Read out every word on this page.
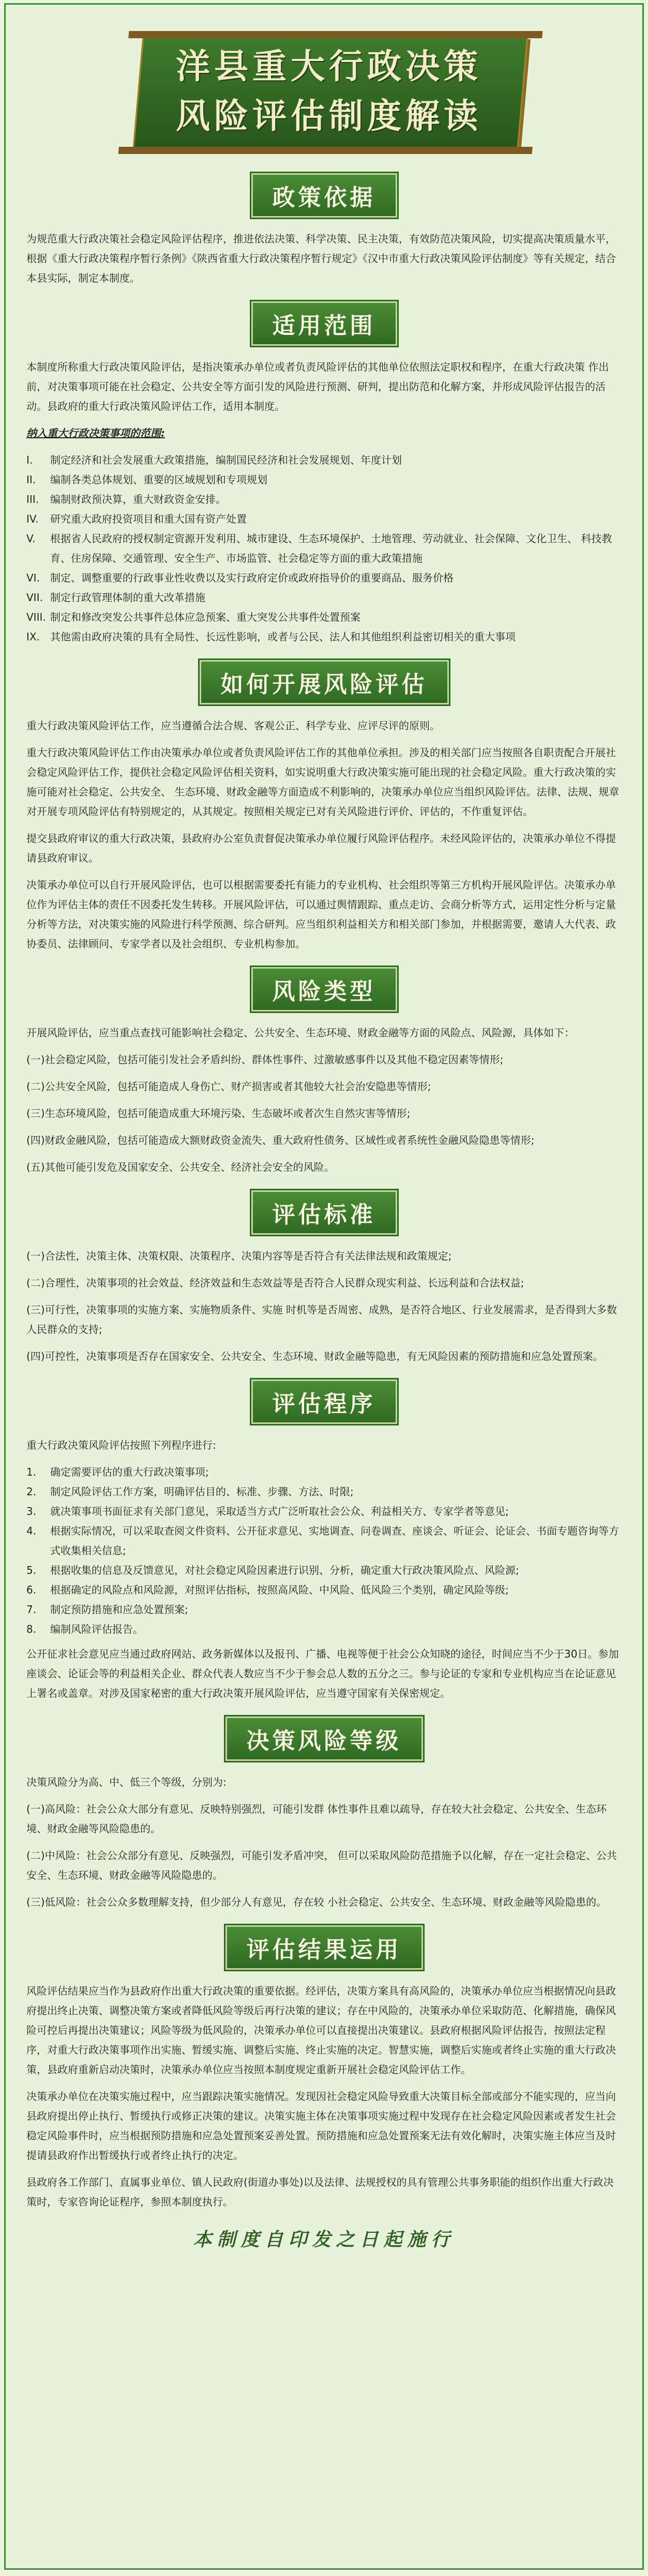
洋县重大行政决策
风险评估制度解读
政策依据

为规范重大行政决策社会稳定风险评估程序，推进依法决策、科学决策、民主决策，有效防范决策风险，切实提高决策质量水平，根据《重大行政决策程序暂行条例》《陕西省重大行政决策程序暂行规定》《汉中市重大行政决策风险评估制度》等有关规定，结合本县实际，制定本制度。

适用范围

本制度所称重大行政决策风险评估，是指决策承办单位或者负责风险评估的其他单位依照法定职权和程序，在重大行政决策 作出前，对决策事项可能在社会稳定、公共安全等方面引发的风险进行预测、研判，提出防范和化解方案，并形成风险评估报告的活动。县政府的重大行政决策风险评估工作，适用本制度。

纳入重大行政决策事项的范围:

I.	制定经济和社会发展重大政策措施，编制国民经济和社会发展规划、年度计划
II.	编制各类总体规划、重要的区域规划和专项规划
III.	编制财政预决算，重大财政资金安排。
IV.	研究重大政府投资项目和重大国有资产处置
V.	根据省人民政府的授权制定资源开发利用、城市建设、生态环境保护、土地管理、劳动就业、社会保障、文化卫生、 科技教育、住房保障、交通管理、安全生产、市场监管、社会稳定等方面的重大政策措施
VI.	制定、调整重要的行政事业性收费以及实行政府定价或政府指导价的重要商品、服务价格
VII. 制定行政管理体制的重大改革措施
VIII. 制定和修改突发公共事件总体应急预案、重大突发公共事件处置预案
IX.	其他需由政府决策的具有全局性、长远性影响，或者与公民、法人和其他组织利益密切相关的重大事项
如何开展风险评估

重大行政决策风险评估工作，应当遵循合法合规、客观公正、科学专业、应评尽评的原则。

重大行政决策风险评估工作由决策承办单位或者负责风险评估工作的其他单位承担。涉及的相关部门应当按照各自职责配合开展社会稳定风险评估工作，提供社会稳定风险评估相关资料，如实说明重大行政决策实施可能出现的社会稳定风险。重大行政决策的实施可能对社会稳定、公共安全、 生态环境、财政金融等方面造成不利影响的，决策承办单位应当组织风险评估。法律、法规、规章对开展专项风险评估有特别规定的，从其规定。按照相关规定已对有关风险进行评价、评估的，不作重复评估。

提交县政府审议的重大行政决策，县政府办公室负责督促决策承办单位履行风险评估程序。未经风险评估的，决策承办单位不得提请县政府审议。

决策承办单位可以自行开展风险评估，也可以根据需要委托有能力的专业机构、社会组织等第三方机构开展风险评估。决策承办单位作为评估主体的责任不因委托发生转移。开展风险评估，可以通过舆情跟踪、重点走访、会商分析等方式，运用定性分析与定量分析等方法，对决策实施的风险进行科学预测、综合研判。应当组织利益相关方和相关部门参加，并根据需要，邀请人大代表、政协委员、法律顾问、专家学者以及社会组织、专业机构参加。

风险类型

开展风险评估，应当重点查找可能影响社会稳定、公共安全、生态环境、财政金融等方面的风险点、风险源，具体如下：

(一)社会稳定风险，包括可能引发社会矛盾纠纷、群体性事件、过激敏感事件以及其他不稳定因素等情形;

(二)公共安全风险，包括可能造成人身伤亡、财产损害或者其他较大社会治安隐患等情形;

(三)生态环境风险，包括可能造成重大环境污染、生态破坏或者次生自然灾害等情形;

(四)财政金融风险，包括可能造成大额财政资金流失、重大政府性债务、区域性或者系统性金融风险隐患等情形;

(五)其他可能引发危及国家安全、公共安全、经济社会安全的风险。

评估标准

(一)合法性，决策主体、决策权限、决策程序、决策内容等是否符合有关法律法规和政策规定;

(二)合理性，决策事项的社会效益、经济效益和生态效益等是否符合人民群众现实利益、长远利益和合法权益;

(三)可行性，决策事项的实施方案、实施物质条件、实施 时机等是否周密、成熟，是否符合地区、行业发展需求，是否得到大多数人民群众的支持;

(四)可控性，决策事项是否存在国家安全、公共安全、生态环境、财政金融等隐患，有无风险因素的预防措施和应急处置预案。

评估程序

重大行政决策风险评估按照下列程序进行:

1.	确定需要评估的重大行政决策事项;
2.	制定风险评估工作方案，明确评估目的、标准、步骤、方法、时限;
3.	就决策事项书面征求有关部门意见，采取适当方式广泛听取社会公众、利益相关方、专家学者等意见;
4.	根据实际情况，可以采取查阅文件资料、公开征求意见、实地调查、问卷调查、座谈会、听证会、论证会、书面专题咨询等方式收集相关信息;
5.	根据收集的信息及反馈意见，对社会稳定风险因素进行识别、分析，确定重大行政决策风险点、风险源;
6.	根据确定的风险点和风险源，对照评估指标，按照高风险、中风险、低风险三个类别，确定风险等级;
7.	制定预防措施和应急处置预案;
8.	编制风险评估报告。

公开征求社会意见应当通过政府网站、政务新媒体以及报刊、广播、电视等便于社会公众知晓的途径，时间应当不少于30日。参加座谈会、论证会等的利益相关企业、群众代表人数应当不少于参会总人数的五分之三。参与论证的专家和专业机构应当在论证意见上署名或盖章。对涉及国家秘密的重大行政决策开展风险评估，应当遵守国家有关保密规定。

决策风险等级

决策风险分为高、中、低三个等级，分别为:

(一)高风险：社会公众大部分有意见、反映特别强烈，可能引发群 体性事件且难以疏导，存在较大社会稳定、公共安全、生态环境、财政金融等风险隐患的。

(二)中风险：社会公众部分有意见、反映强烈，可能引发矛盾冲突， 但可以采取风险防范措施予以化解，存在一定社会稳定、公共安全、生态环境、财政金融等风险隐患的。

(三)低风险：社会公众多数理解支持，但少部分人有意见，存在较 小社会稳定、公共安全、生态环境、财政金融等风险隐患的。

评估结果运用

风险评估结果应当作为县政府作出重大行政决策的重要依据。经评估，决策方案具有高风险的，决策承办单位应当根据情况向县政府提出终止决策、调整决策方案或者降低风险等级后再行决策的建议；存在中风险的，决策承办单位采取防范、化解措施，确保风险可控后再提出决策建议；风险等级为低风险的，决策承办单位可以直接提出决策建议。县政府根据风险评估报告，按照法定程序，对重大行政决策事项作出实施、暂缓实施、调整后实施、终止实施的决定。智慧实施，调整后实施或者终止实施的重大行政决策，县政府重新启动决策时，决策承办单位应当按照本制度规定重新开展社会稳定风险评估工作。

决策承办单位在决策实施过程中，应当跟踪决策实施情况。发现因社会稳定风险导致重大决策目标全部或部分不能实现的，应当向县政府提出停止执行、暂缓执行或修正决策的建议。决策实施主体在决策事项实施过程中发现存在社会稳定风险因素或者发生社会稳定风险事件时，应当根据预防措施和应急处置预案妥善处置。预防措施和应急处置预案无法有效化解时，决策实施主体应当及时提请县政府作出暂缓执行或者终止执行的决定。

县政府各工作部门、直属事业单位、镇人民政府(街道办事处)以及法律、法规授权的具有管理公共事务职能的组织作出重大行政决策时，专家咨询论证程序，参照本制度执行。

本制度自印发之日起施行
